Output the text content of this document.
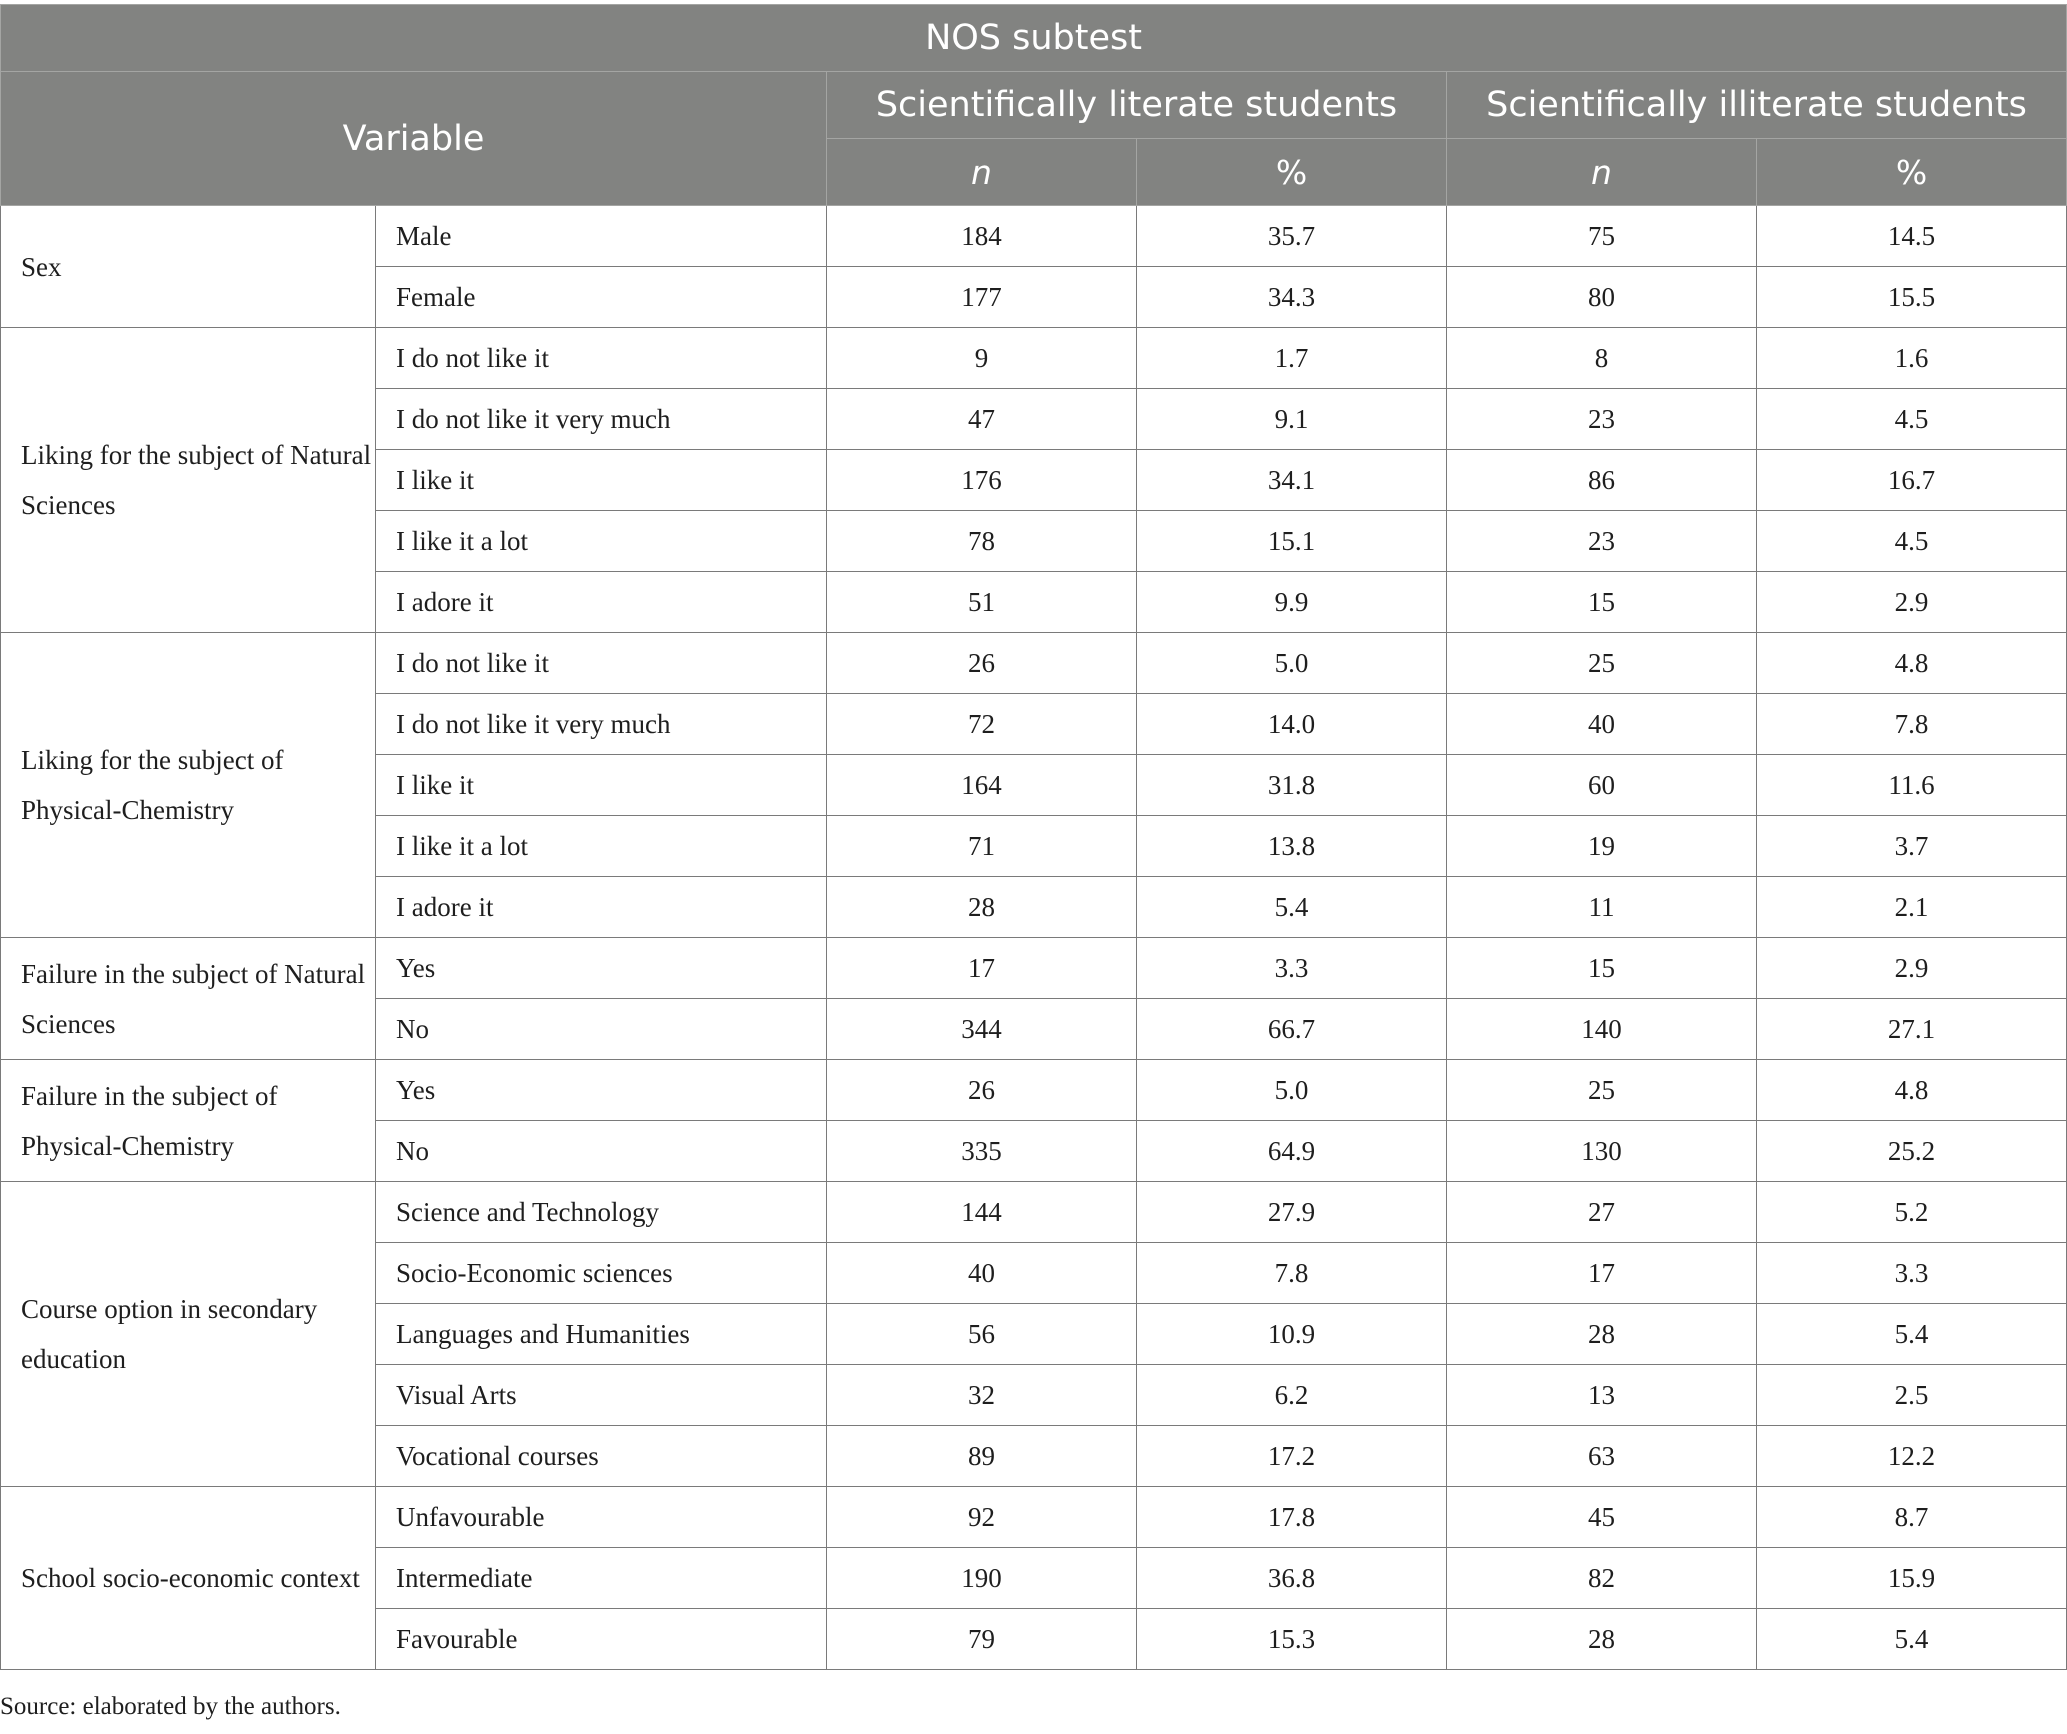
NOS subtest					
Variable		Scientifically literate students		Scientifically illiterate students	
		n	%	n	%
Sex	Male	184	35.7	75	14.5
	Female	177	34.3	80	15.5
Liking for the subject of Natural Sciences	I do not like it	9	1.7	8	1.6
	I do not like it very much	47	9.1	23	4.5
	I like it	176	34.1	86	16.7
	I like it a lot	78	15.1	23	4.5
	I adore it	51	9.9	15	2.9
Liking for the subject of Physical-Chemistry	I do not like it	26	5.0	25	4.8
	I do not like it very much	72	14.0	40	7.8
	I like it	164	31.8	60	11.6
	I like it a lot	71	13.8	19	3.7
	I adore it	28	5.4	11	2.1
Failure in the subject of Natural Sciences	Yes	17	3.3	15	2.9
	No	344	66.7	140	27.1
Failure in the subject of Physical-Chemistry	Yes	26	5.0	25	4.8
	No	335	64.9	130	25.2
Course option in secondary education	Science and Technology	144	27.9	27	5.2
	Socio-Economic sciences	40	7.8	17	3.3
	Languages and Humanities	56	10.9	28	5.4
	Visual Arts	32	6.2	13	2.5
	Vocational courses	89	17.2	63	12.2
School socio-economic context	Unfavourable	92	17.8	45	8.7
	Intermediate	190	36.8	82	15.9
	Favourable	79	15.3	28	5.4
Source: elaborated by the authors.
